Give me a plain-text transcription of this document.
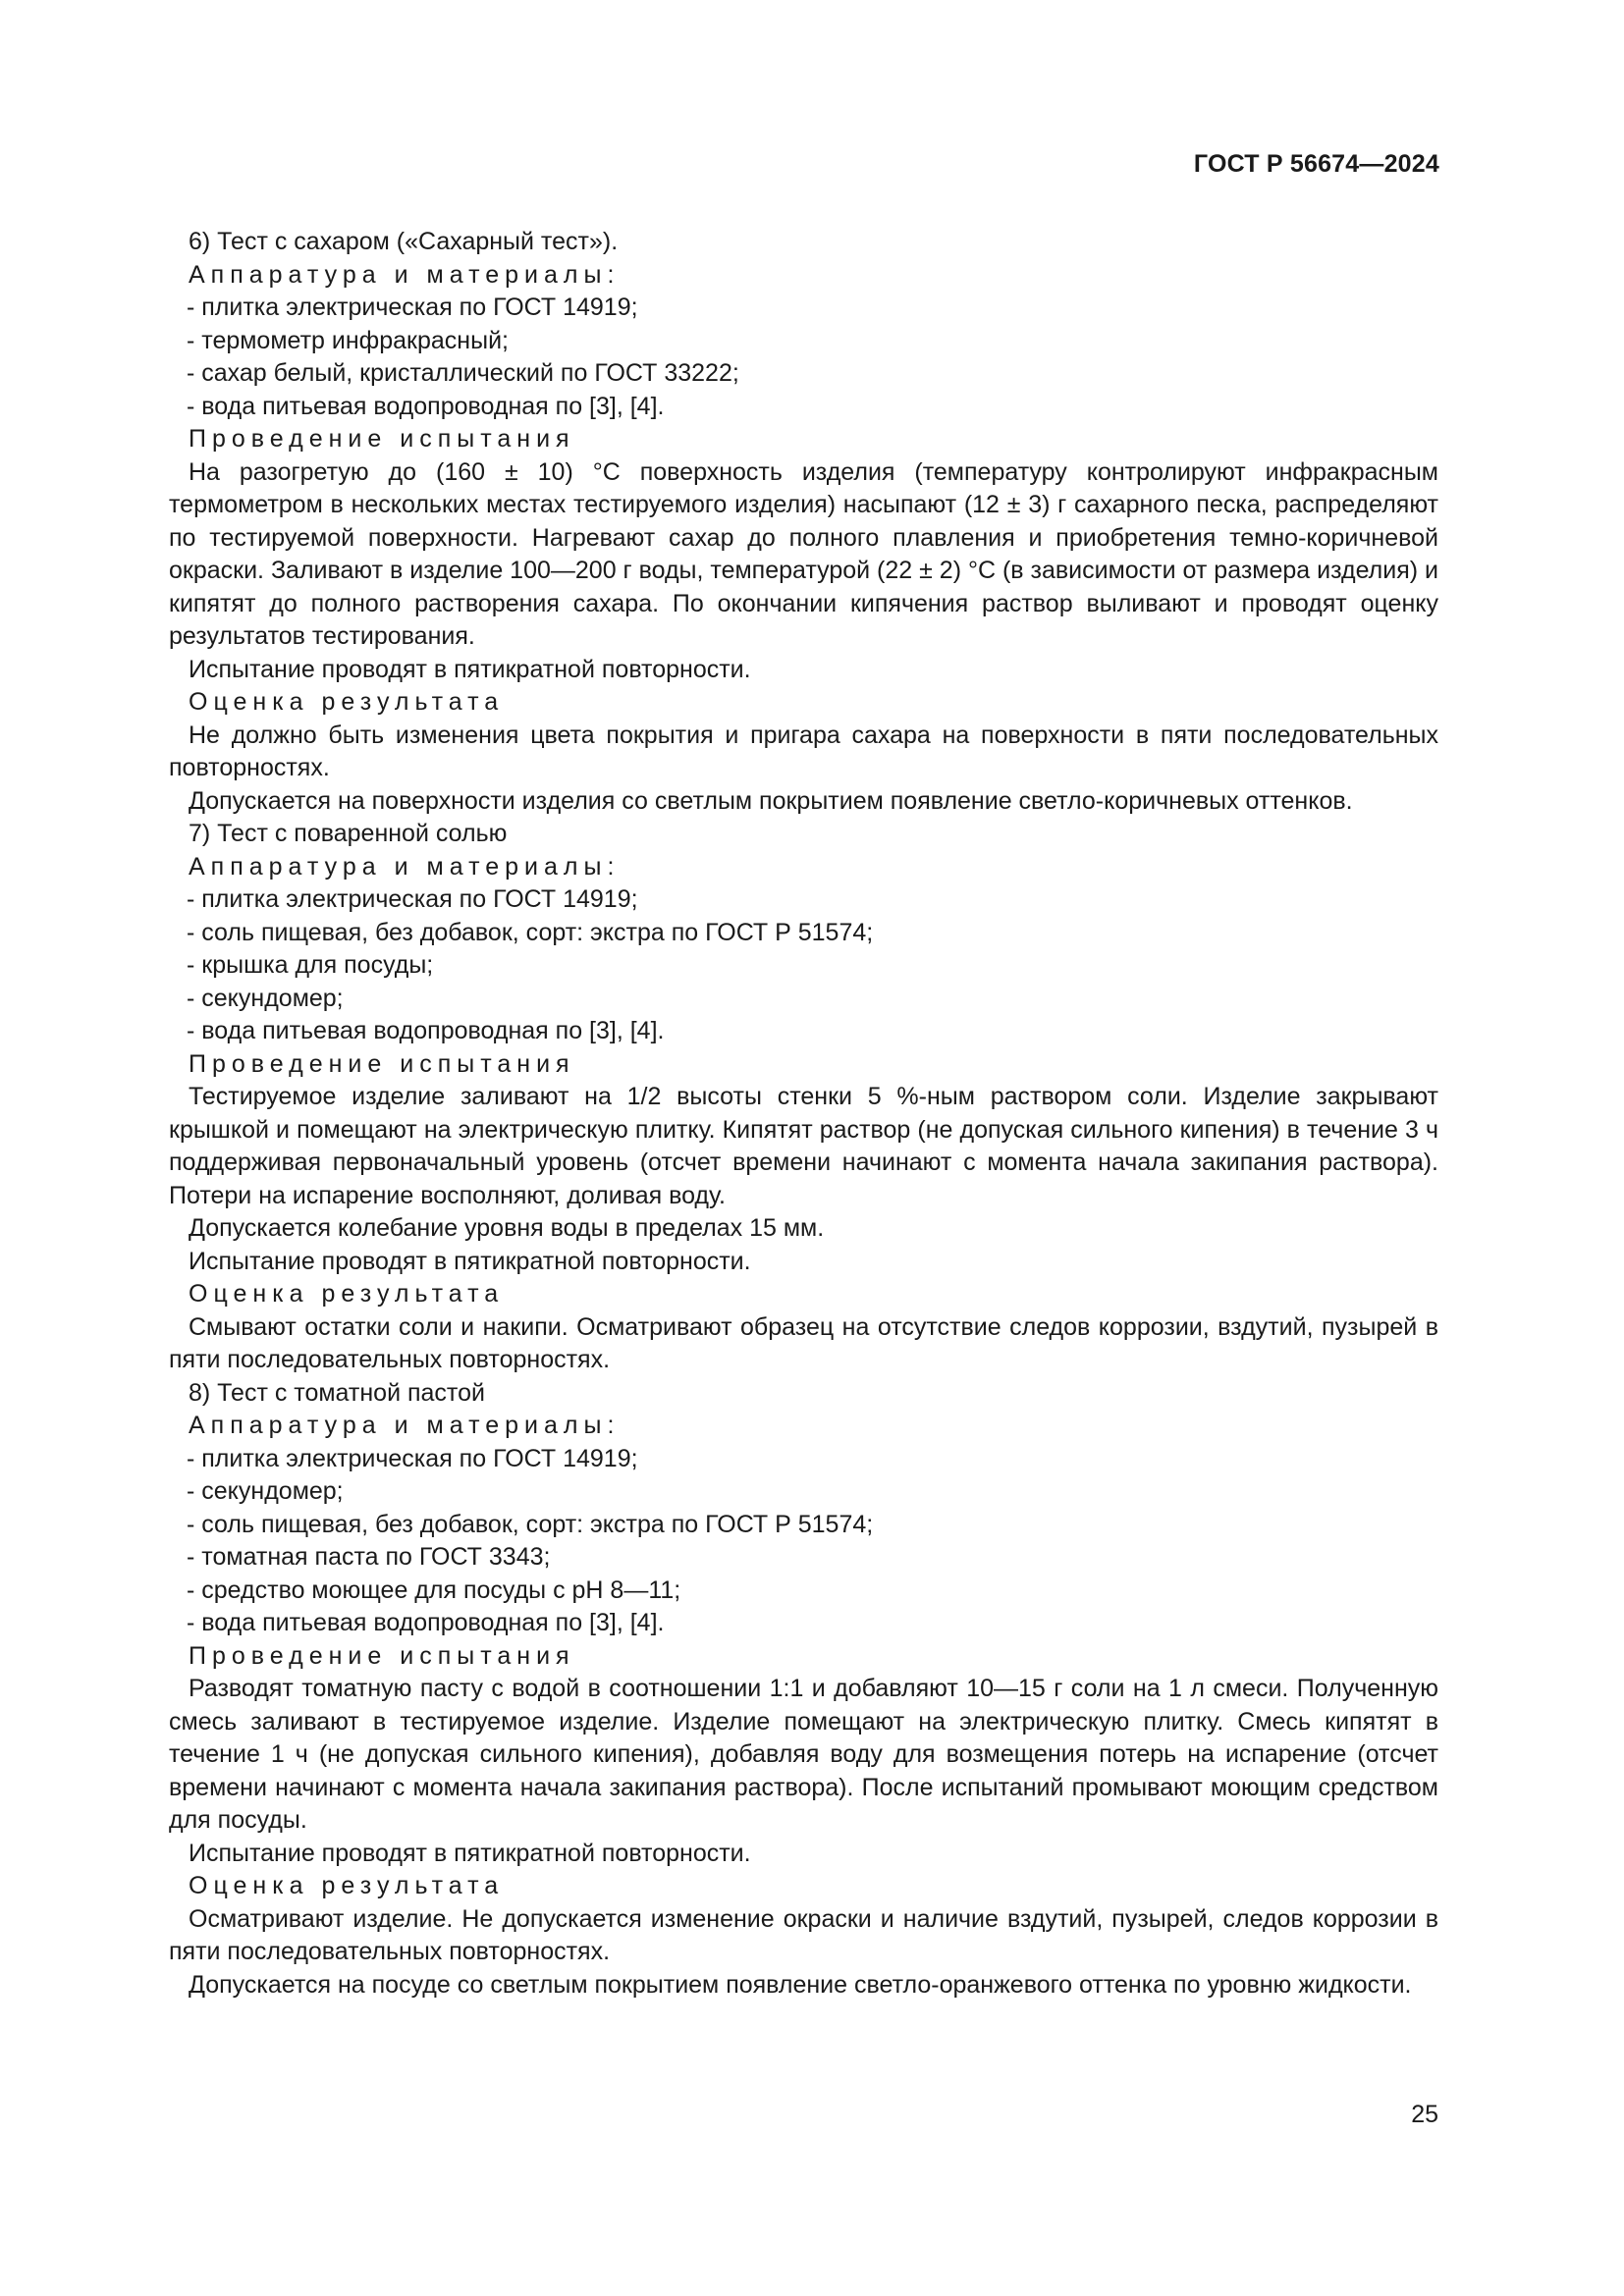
ГОСТ Р 56674—2024

6) Тест с сахаром («Сахарный тест»).

Аппаратура и материалы:

- плитка электрическая по ГОСТ 14919;

- термометр инфракрасный;

- сахар белый, кристаллический по ГОСТ 33222;

- вода питьевая водопроводная по [3], [4].

Проведение испытания

На разогретую до (160 ± 10) °С поверхность изделия (температуру контролируют инфракрасным термометром в нескольких местах тестируемого изделия) насыпают (12 ± 3) г сахарного песка, распределяют по тестируемой поверхности. Нагревают сахар до полного плавления и приобретения темно-коричневой окраски. Заливают в изделие 100—200 г воды, температурой (22 ± 2) °С (в зависимости от размера изделия) и кипятят до полного растворения сахара. По окончании кипячения раствор выливают и проводят оценку результатов тестирования.

Испытание проводят в пятикратной повторности.

Оценка результата

Не должно быть изменения цвета покрытия и пригара сахара на поверхности в пяти последовательных повторностях.

Допускается на поверхности изделия со светлым покрытием появление светло-коричневых оттенков.

7) Тест с поваренной солью

Аппаратура и материалы:

- плитка электрическая по ГОСТ 14919;

- соль пищевая, без добавок, сорт: экстра по ГОСТ Р 51574;

- крышка для посуды;

- секундомер;

- вода питьевая водопроводная по [3], [4].

Проведение испытания

Тестируемое изделие заливают на 1/2 высоты стенки 5 %-ным раствором соли. Изделие закрывают крышкой и помещают на электрическую плитку. Кипятят раствор (не допуская сильного кипения) в течение 3 ч поддерживая первоначальный уровень (отсчет времени начинают с момента начала закипания раствора). Потери на испарение восполняют, доливая воду.

Допускается колебание уровня воды в пределах 15 мм.

Испытание проводят в пятикратной повторности.

Оценка результата

Смывают остатки соли и накипи. Осматривают образец на отсутствие следов коррозии, вздутий, пузырей в пяти последовательных повторностях.

8) Тест с томатной пастой

Аппаратура и материалы:

- плитка электрическая по ГОСТ 14919;

- секундомер;

- соль пищевая, без добавок, сорт: экстра по ГОСТ Р 51574;

- томатная паста по ГОСТ 3343;

- средство моющее для посуды с рН 8—11;

- вода питьевая водопроводная по [3], [4].

Проведение испытания

Разводят томатную пасту с водой в соотношении 1:1 и добавляют 10—15 г соли на 1 л смеси. Полученную смесь заливают в тестируемое изделие. Изделие помещают на электрическую плитку. Смесь кипятят в течение 1 ч (не допуская сильного кипения), добавляя воду для возмещения потерь на испарение (отсчет времени начинают с момента начала закипания раствора). После испытаний промывают моющим средством для посуды.

Испытание проводят в пятикратной повторности.

Оценка результата

Осматривают изделие. Не допускается изменение окраски и наличие вздутий, пузырей, следов коррозии в пяти последовательных повторностях.

Допускается на посуде со светлым покрытием появление светло-оранжевого оттенка по уровню жидкости.

25
